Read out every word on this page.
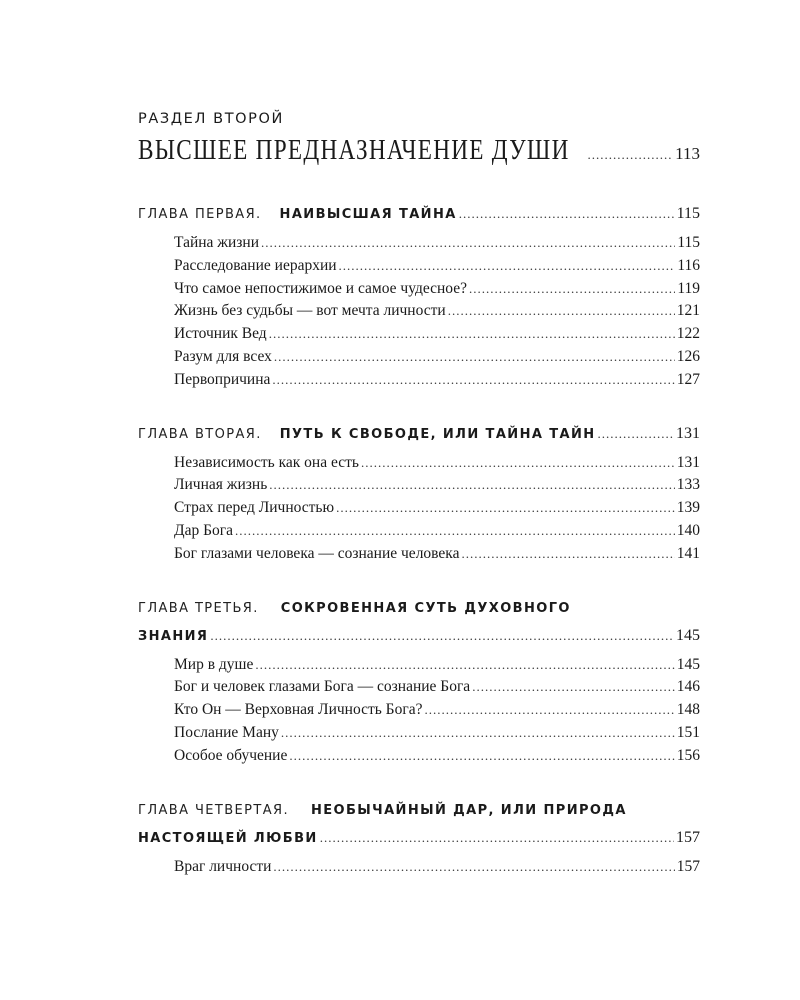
РАЗДЕЛ ВТОРОЙ
ВЫСШЕЕ ПРЕДНАЗНАЧЕНИЕ ДУШИ .....	113
ГЛАВА ПЕРВАЯ. НАИВЫСШАЯ ТАЙНА .....	115
Тайна жизни .....	115
Расследование иерархии .....	116
Что самое непостижимое и самое чудесное? .....	119
Жизнь без судьбы — вот мечта личности .....	121
Источник Вед .....	122
Разум для всех .....	126
Первопричина .....	127
ГЛАВА ВТОРАЯ. ПУТЬ К СВОБОДЕ, ИЛИ ТАЙНА ТАЙН .....	131
Независимость как она есть .....	131
Личная жизнь .....	133
Страх перед Личностью .....	139
Дар Бога .....	140
Бог глазами человека — сознание человека .....	141
ГЛАВА ТРЕТЬЯ. СОКРОВЕННАЯ СУТЬ ДУХОВНОГО
ЗНАНИЯ .....	145
Мир в душе .....	145
Бог и человек глазами Бога — сознание Бога .....	146
Кто Он — Верховная Личность Бога? .....	148
Послание Ману .....	151
Особое обучение .....	156
ГЛАВА ЧЕТВЕРТАЯ. НЕОБЫЧАЙНЫЙ ДАР, ИЛИ ПРИРОДА
НАСТОЯЩЕЙ ЛЮБВИ .....	157
Враг личности .....	157
